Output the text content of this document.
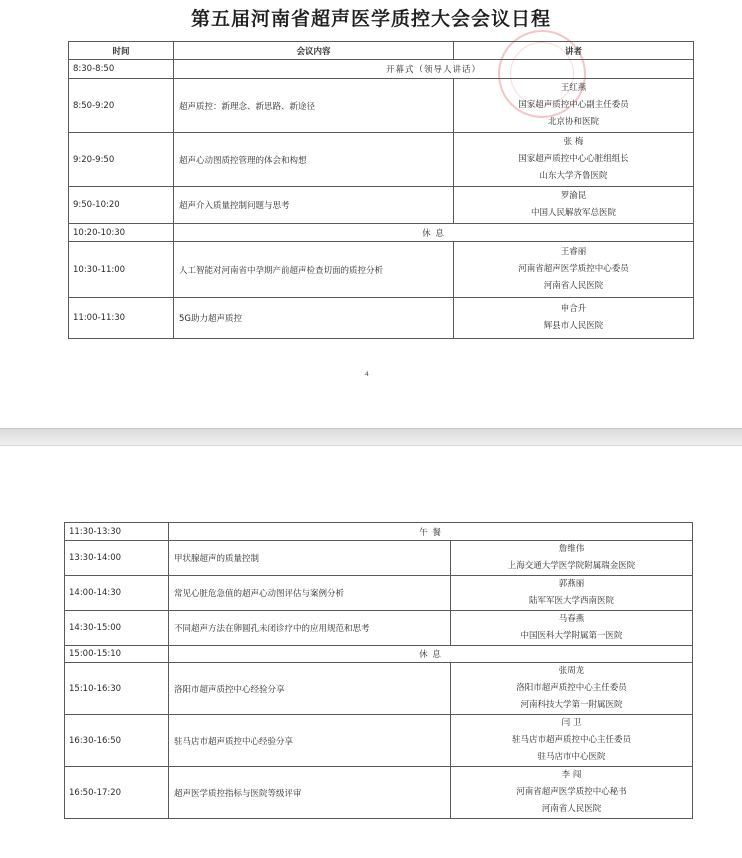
第五届河南省超声医学质控大会会议日程
时间	会议内容	讲者
8:30-8:50	开幕式（领导人讲话）	
8:50-9:20	超声质控：新理念、新思路、新途径	王红燕
国家超声质控中心副主任委员
北京协和医院

9:20-9:50	超声心动图质控管理的体会和构想	张 梅
国家超声质控中心心脏组组长
山东大学齐鲁医院

9:50-10:20	超声介入质量控制问题与思考	罗渝昆
中国人民解放军总医院

10:20-10:30	休 息	
10:30-11:00	人工智能对河南省中孕期产前超声检查切面的质控分析	王睿丽
河南省超声医学质控中心委员
河南省人民医院

11:00-11:30	5G助力超声质控	申合升
辉县市人民医院
4
11:30-13:30	午 餐	
13:30-14:00	甲状腺超声的质量控制	詹维伟
上海交通大学医学院附属瑞金医院

14:00-14:30	常见心脏危急值的超声心动图评估与案例分析	郭燕丽
陆军军医大学西南医院

14:30-15:00	不同超声方法在卵圆孔未闭诊疗中的应用规范和思考	马春燕
中国医科大学附属第一医院

15:00-15:10	休 息	
15:10-16:30	洛阳市超声质控中心经验分享	张周龙
洛阳市超声质控中心主任委员
河南科技大学第一附属医院

16:30-16:50	驻马店市超声质控中心经验分享	闫 卫
驻马店市超声质控中心主任委员
驻马店市中心医院

16:50-17:20	超声医学质控指标与医院等级评审	李 闯
河南省超声医学质控中心秘书
河南省人民医院
